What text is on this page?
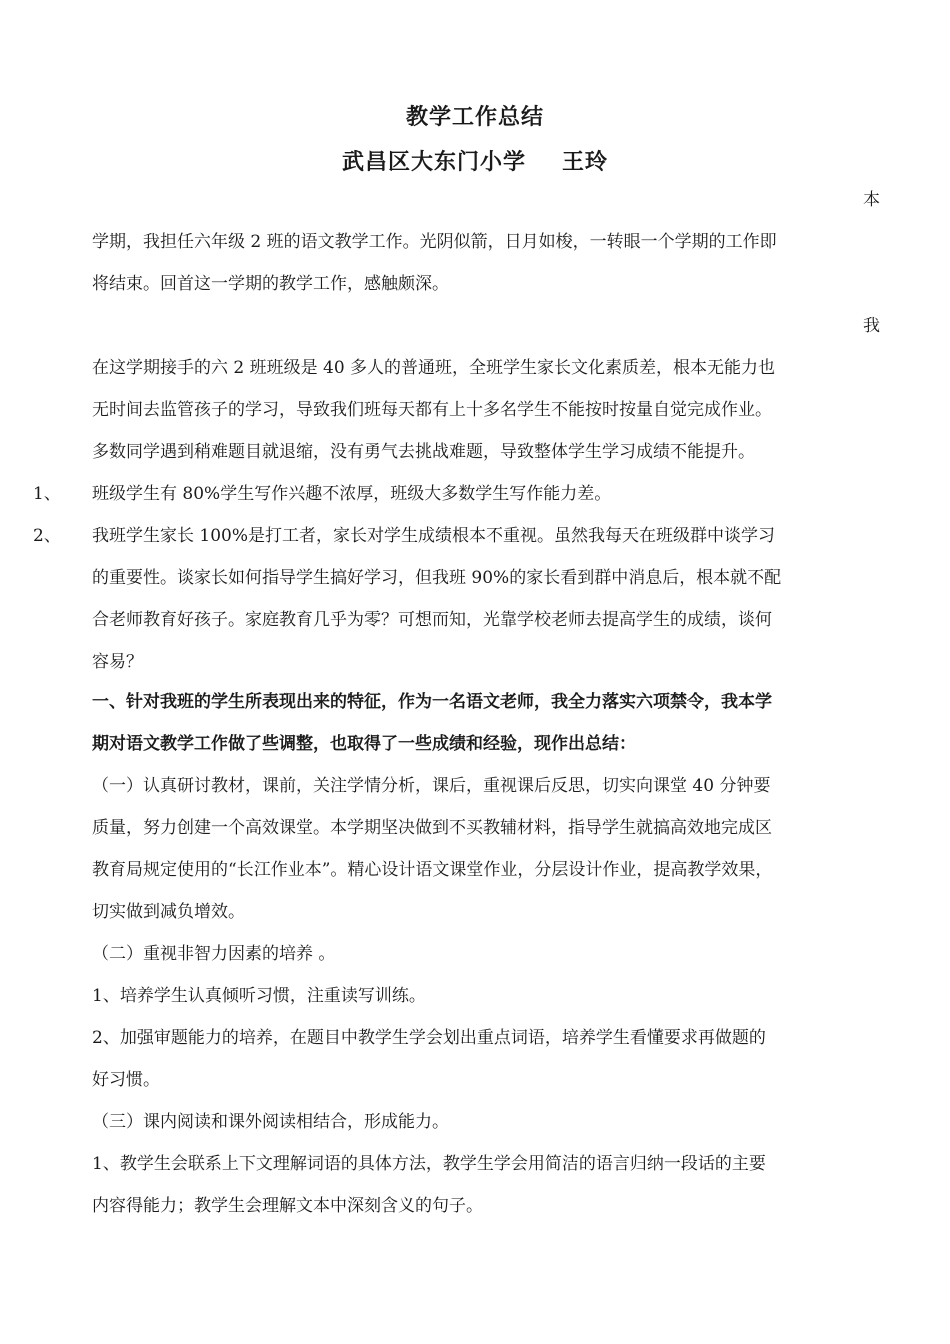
教学工作总结
武昌区大东门小学 王玲
本
学期，我担任六年级 2 班的语文教学工作。光阴似箭，日月如梭，一转眼一个学期的工作即
将结束。回首这一学期的教学工作，感触颇深。
我
在这学期接手的六 2 班班级是 40 多人的普通班，全班学生家长文化素质差，根本无能力也
无时间去监管孩子的学习，导致我们班每天都有上十多名学生不能按时按量自觉完成作业。
多数同学遇到稍难题目就退缩，没有勇气去挑战难题，导致整体学生学习成绩不能提升。
1、 班级学生有 80%学生写作兴趣不浓厚，班级大多数学生写作能力差。
2、 我班学生家长 100%是打工者，家长对学生成绩根本不重视。虽然我每天在班级群中谈学习
的重要性。谈家长如何指导学生搞好学习，但我班 90%的家长看到群中消息后，根本就不配
合老师教育好孩子。家庭教育几乎为零？可想而知，光靠学校老师去提高学生的成绩，谈何
容易？
一、针对我班的学生所表现出来的特征，作为一名语文老师，我全力落实六项禁令，我本学
期对语文教学工作做了些调整，也取得了一些成绩和经验，现作出总结：
（一）认真研讨教材，课前，关注学情分析，课后，重视课后反思，切实向课堂 40 分钟要
质量，努力创建一个高效课堂。本学期坚决做到不买教辅材料，指导学生就搞高效地完成区
教育局规定使用的“长江作业本”。精心设计语文课堂作业，分层设计作业，提高教学效果，
切实做到减负增效。
（二）重视非智力因素的培养 。
1、培养学生认真倾听习惯，注重读写训练。
2、加强审题能力的培养，在题目中教学生学会划出重点词语，培养学生看懂要求再做题的
好习惯。
（三）课内阅读和课外阅读相结合，形成能力。
1、教学生会联系上下文理解词语的具体方法，教学生学会用简洁的语言归纳一段话的主要
内容得能力；教学生会理解文本中深刻含义的句子。
